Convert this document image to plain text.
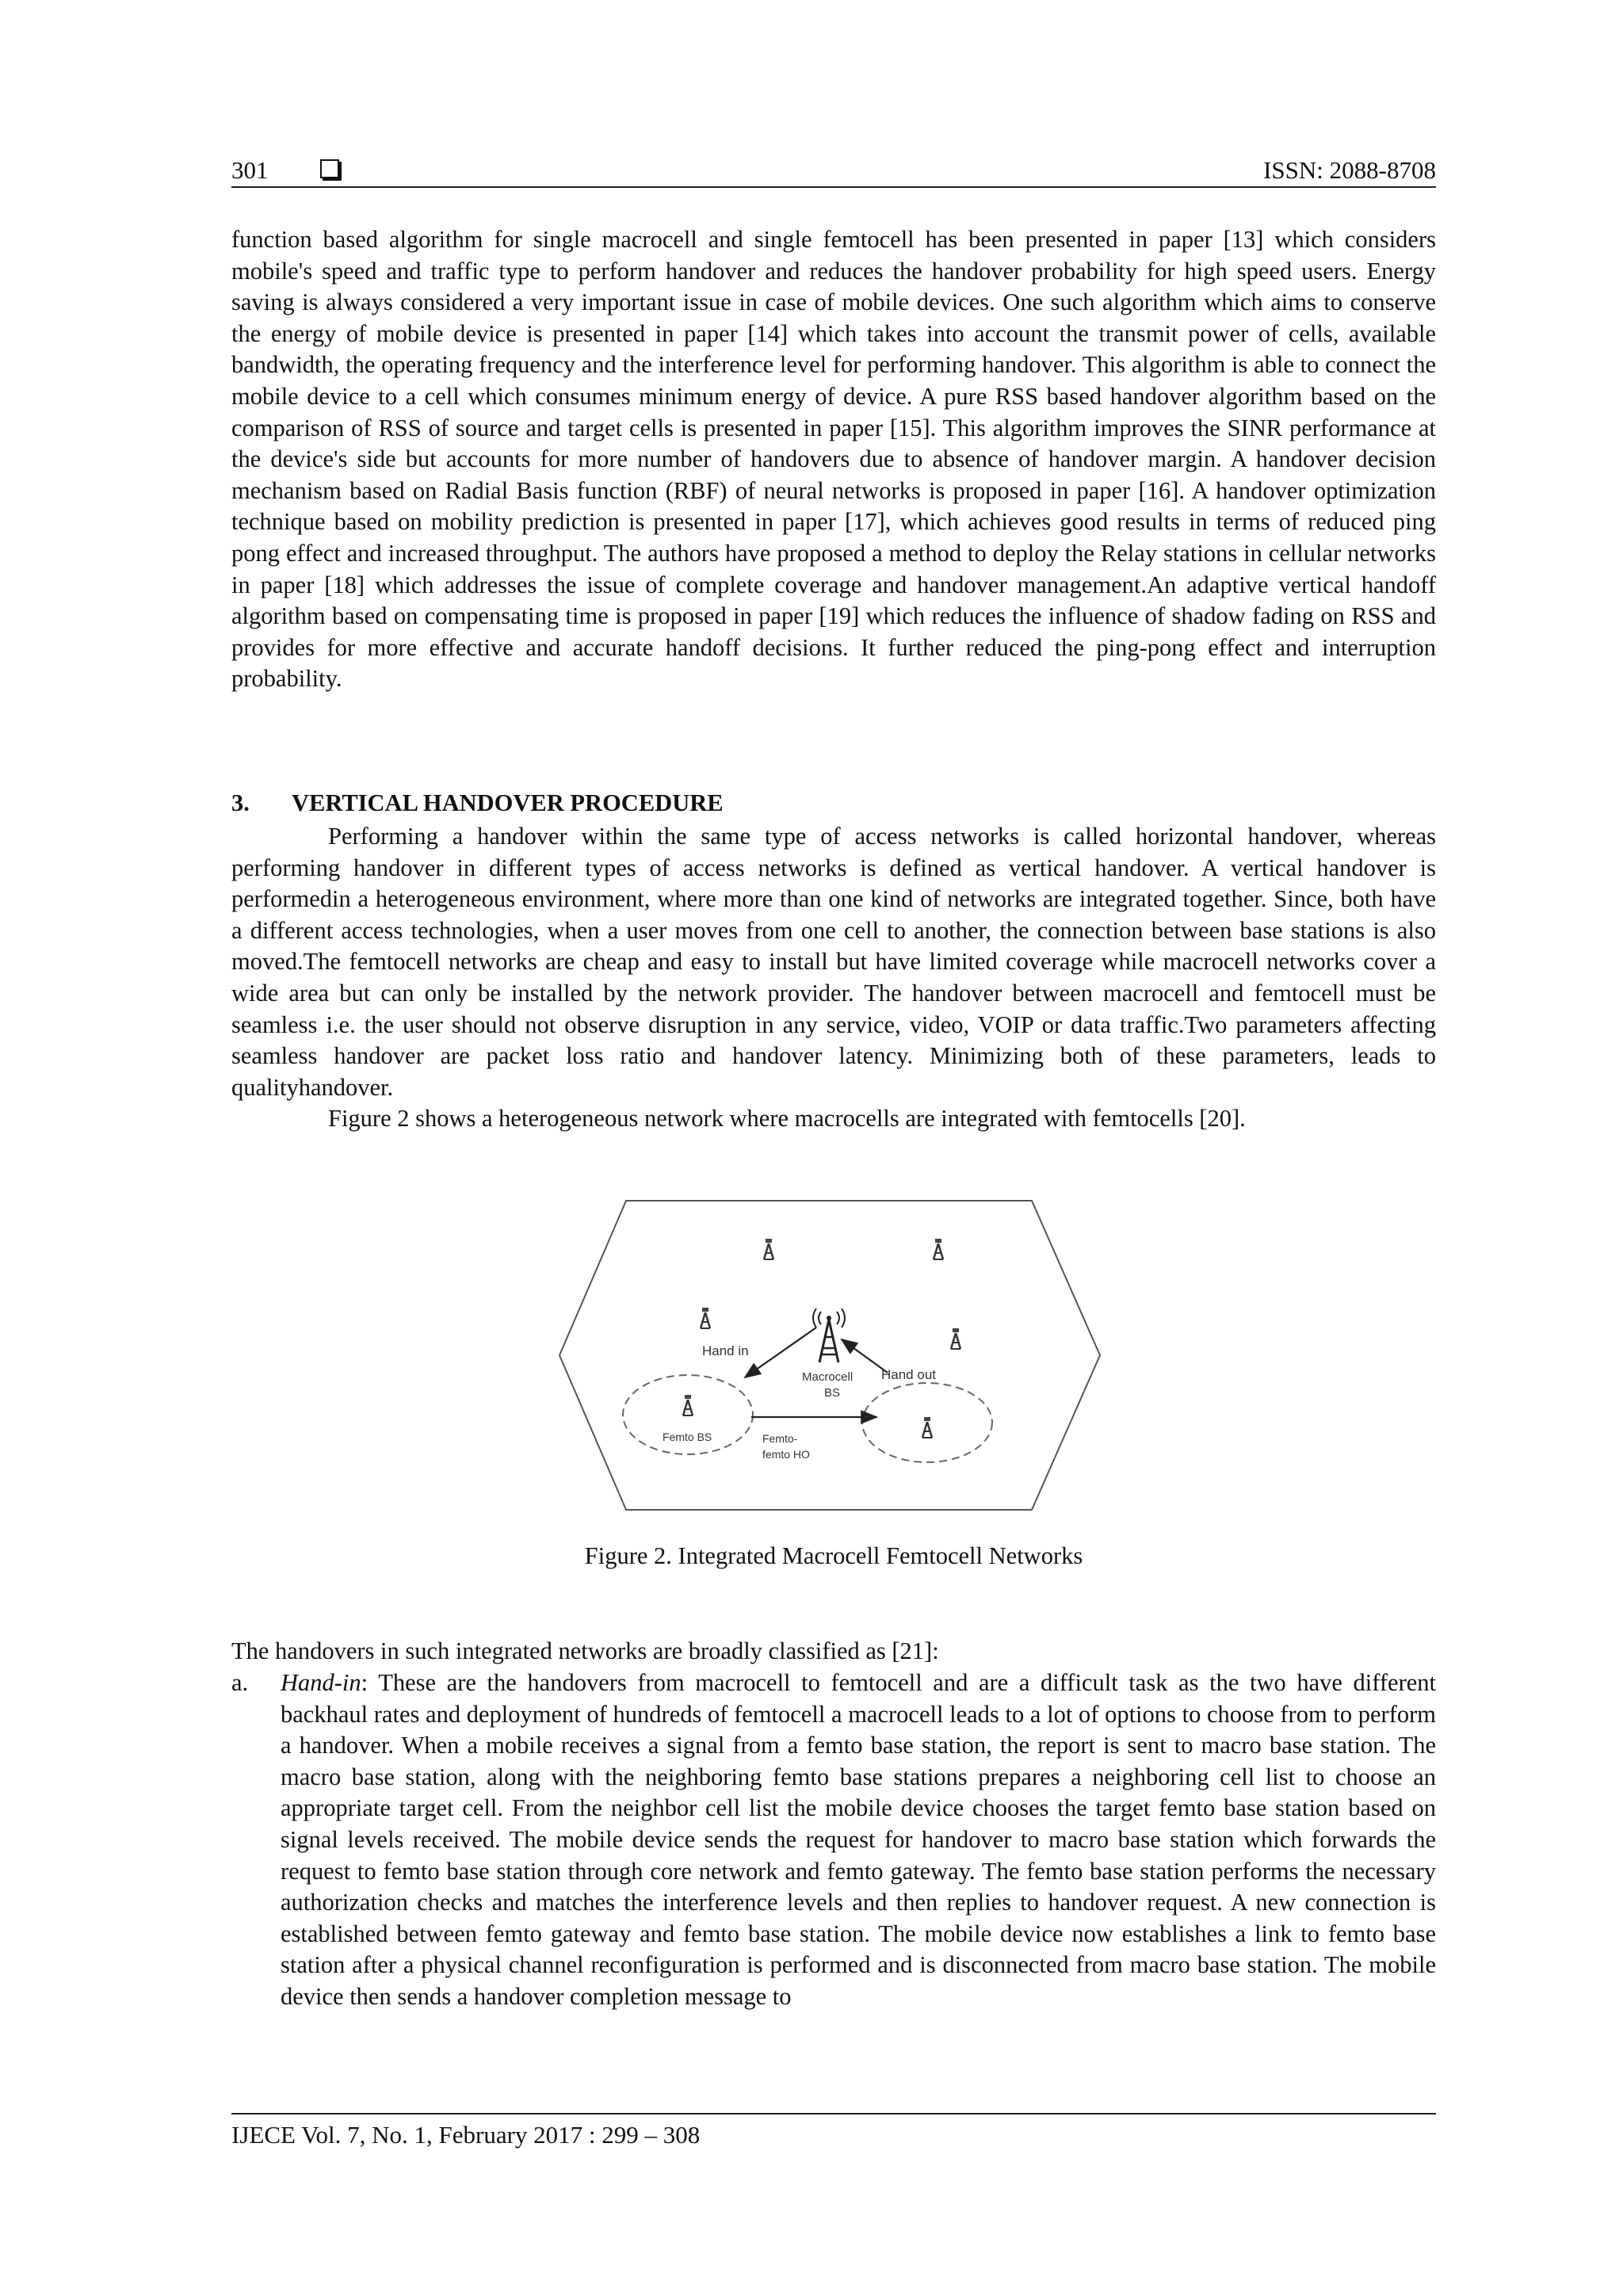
301	ISSN: 2088-8708

function based algorithm for single macrocell and single femtocell has been presented in paper [13] which considers mobile's speed and traffic type to perform handover and reduces the handover probability for high speed users. Energy saving is always considered a very important issue in case of mobile devices. One such algorithm which aims to conserve the energy of mobile device is presented in paper [14] which takes into account the transmit power of cells, available bandwidth, the operating frequency and the interference level for performing handover. This algorithm is able to connect the mobile device to a cell which consumes minimum energy of device. A pure RSS based handover algorithm based on the comparison of RSS of source and target cells is presented in paper [15]. This algorithm improves the SINR performance at the device's side but accounts for more number of handovers due to absence of handover margin. A handover decision mechanism based on Radial Basis function (RBF) of neural networks is proposed in paper [16]. A handover optimization technique based on mobility prediction is presented in paper [17], which achieves good results in terms of reduced ping pong effect and increased throughput. The authors have proposed a method to deploy the Relay stations in cellular networks in paper [18] which addresses the issue of complete coverage and handover management.An adaptive vertical handoff algorithm based on compensating time is proposed in paper [19] which reduces the influence of shadow fading on RSS and provides for more effective and accurate handoff decisions. It further reduced the ping-pong effect and interruption probability.

3. VERTICAL HANDOVER PROCEDURE

Performing a handover within the same type of access networks is called horizontal handover, whereas performing handover in different types of access networks is defined as vertical handover. A vertical handover is performedin a heterogeneous environment, where more than one kind of networks are integrated together. Since, both have a different access technologies, when a user moves from one cell to another, the connection between base stations is also moved.The femtocell networks are cheap and easy to install but have limited coverage while macrocell networks cover a wide area but can only be installed by the network provider. The handover between macrocell and femtocell must be seamless i.e. the user should not observe disruption in any service, video, VOIP or data traffic.Two parameters affecting seamless handover are packet loss ratio and handover latency. Minimizing both of these parameters, leads to qualityhandover.

Figure 2 shows a heterogeneous network where macrocells are integrated with femtocells [20].

Hand in
Macrocell
BS
Hand out
Femto BS	Femto-
femto HO
Figure 2. Integrated Macrocell Femtocell Networks
The handovers in such integrated networks are broadly classified as [21]:
a. Hand-in: These are the handovers from macrocell to femtocell and are a difficult task as the two have different backhaul rates and deployment of hundreds of femtocell a macrocell leads to a lot of options to choose from to perform a handover. When a mobile receives a signal from a femto base station, the report is sent to macro base station. The macro base station, along with the neighboring femto base stations prepares a neighboring cell list to choose an appropriate target cell. From the neighbor cell list the mobile device chooses the target femto base station based on signal levels received. The mobile device sends the request for handover to macro base station which forwards the request to femto base station through core network and femto gateway. The femto base station performs the necessary authorization checks and matches the interference levels and then replies to handover request. A new connection is established between femto gateway and femto base station. The mobile device now establishes a link to femto base station after a physical channel reconfiguration is performed and is disconnected from macro base station. The mobile device then sends a handover completion message to
IJECE Vol. 7, No. 1, February 2017 : 299 – 308
